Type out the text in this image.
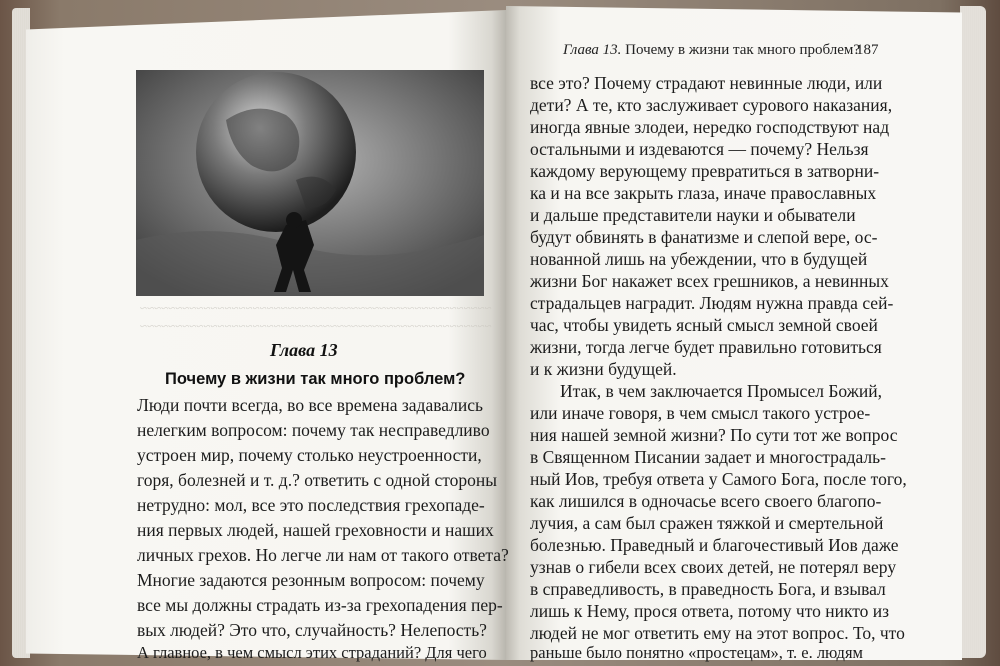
~~~~~~~~~~~~~~~~~~~~~~~~~~~~~~~~~~~~~~~~~~~~~~~~~~
~~~~~~~~~~~~~~~~~~~~~~~~~~~~~~~~~~~~~~~~~~~~~~~~~~
Глава 13
Почему в жизни так много проблем?
Люди почти всегда, во все времена задавались
нелегким вопросом: почему так несправедливо
устроен мир, почему столько неустроенности,
горя, болезней и т. д.? ответить с одной стороны
нетрудно: мол, все это последствия грехопаде-
ния первых людей, нашей греховности и наших
личных грехов. Но легче ли нам от такого ответа?
Многие задаются резонным вопросом: почему
все мы должны страдать из-за грехопадения пер-
вых людей? Это что, случайность? Нелепость?
А главное, в чем смысл этих страданий? Для чего
Глава 13. Почему в жизни так много проблем?
187
все это? Почему страдают невинные люди, или
дети? А те, кто заслуживает сурового наказания,
иногда явные злодеи, нередко господствуют над
остальными и издеваются — почему? Нельзя
каждому верующему превратиться в затворни-
ка и на все закрыть глаза, иначе православных
и дальше представители науки и обыватели
будут обвинять в фанатизме и слепой вере, ос-
нованной лишь на убеждении, что в будущей
жизни Бог накажет всех грешников, а невинных
страдальцев наградит. Людям нужна правда сей-
час, чтобы увидеть ясный смысл земной своей
жизни, тогда легче будет правильно готовиться
и к жизни будущей.
Итак, в чем заключается Промысел Божий,
или иначе говоря, в чем смысл такого устрое-
ния нашей земной жизни? По сути тот же вопрос
в Священном Писании задает и многострадаль-
ный Иов, требуя ответа у Самого Бога, после того,
как лишился в одночасье всего своего благопо-
лучия, а сам был сражен тяжкой и смертельной
болезнью. Праведный и благочестивый Иов даже
узнав о гибели всех своих детей, не потерял веру
в справедливость, в праведность Бога, и взывал
лишь к Нему, прося ответа, потому что никто из
людей не мог ответить ему на этот вопрос. То, что
раньше было понятно «простецам», т. е. людям
